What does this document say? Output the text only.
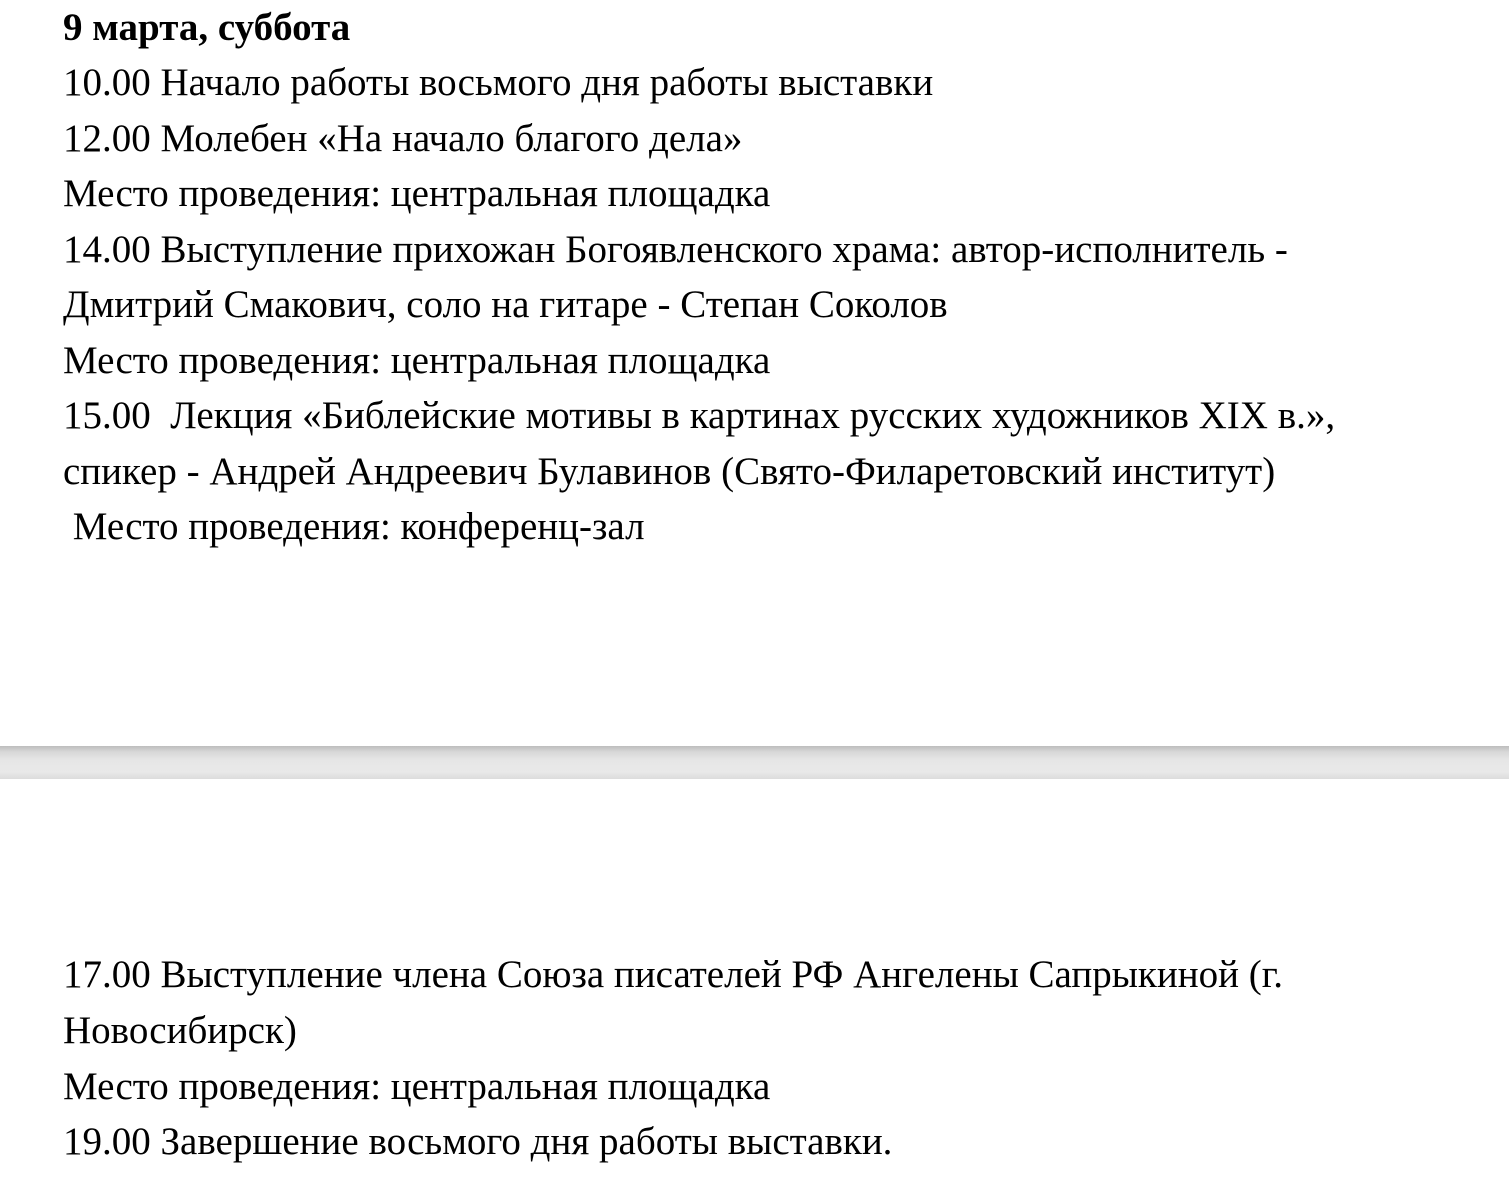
9 марта, суббота
10.00 Начало работы восьмого дня работы выставки
12.00 Молебен «На начало благого дела»
Место проведения: центральная площадка
14.00 Выступление прихожан Богоявленского храма: автор-исполнитель -
Дмитрий Смакович, соло на гитаре - Степан Соколов
Место проведения: центральная площадка
15.00  Лекция «Библейские мотивы в картинах русских художников XIX в.»,
спикер - Андрей Андреевич Булавинов (Свято-Филаретовский институт)
Место проведения: конференц-зал
17.00 Выступление члена Союза писателей РФ Ангелены Сапрыкиной (г.
Новосибирск)
Место проведения: центральная площадка
19.00 Завершение восьмого дня работы выставки.
